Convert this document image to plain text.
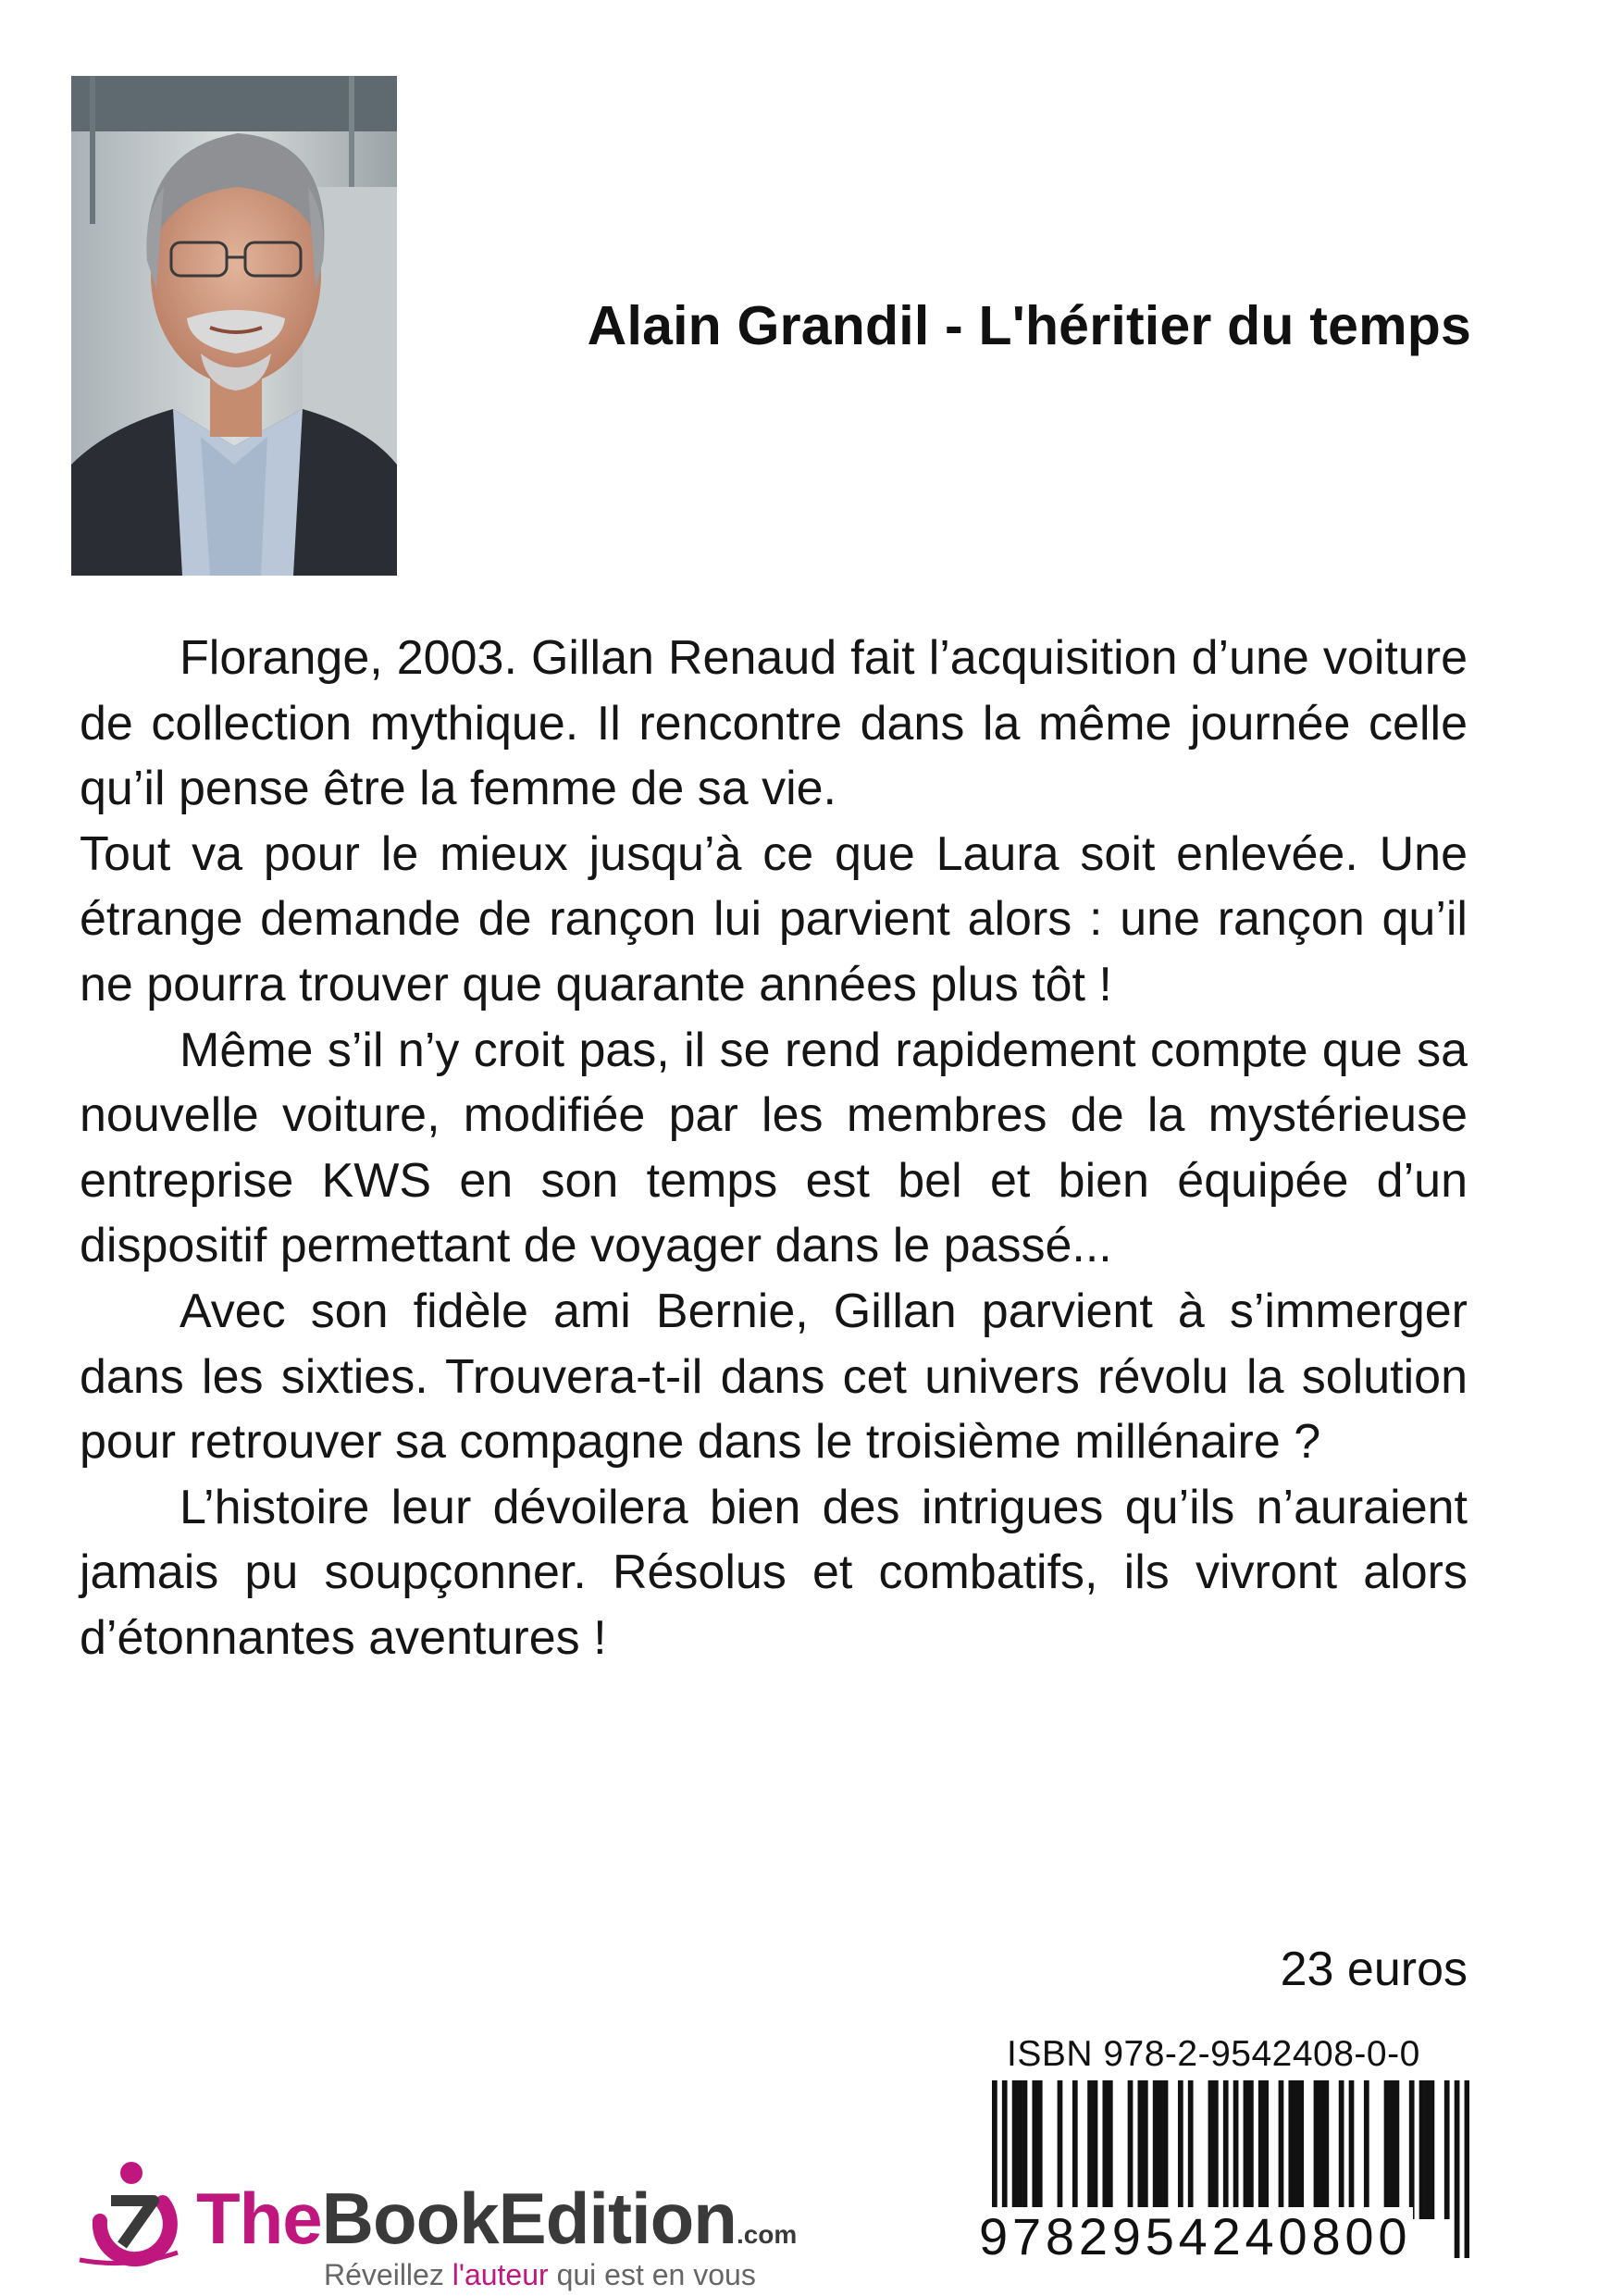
Alain Grandil - L'héritier du temps

Florange, 2003. Gillan Renaud fait l’acquisition d’une voiture de collection mythique. Il rencontre dans la même journée celle qu’il pense être la femme de sa vie.

Tout va pour le mieux jusqu’à ce que Laura soit enlevée. Une étrange demande de rançon lui parvient alors : une rançon qu’il ne pourra trouver que quarante années plus tôt !

Même s’il n’y croit pas, il se rend rapidement compte que sa nouvelle voiture, modifiée par les membres de la mystérieuse entreprise KWS en son temps est bel et bien équipée d’un dispositif permettant de voyager dans le passé...

Avec son fidèle ami Bernie, Gillan parvient à s’immerger dans les sixties. Trouvera-t-il dans cet univers révolu la solution pour retrouver sa compagne dans le troisième millénaire ?

L’histoire leur dévoilera bien des intrigues qu’ils n’auraient jamais pu soupçonner. Résolus et combatifs, ils vivront alors d’étonnantes aventures !

23 euros
ISBN 978-2-9542408-0-0
9782954240800
TheBookEdition.com
Réveillez l'auteur qui est en vous
